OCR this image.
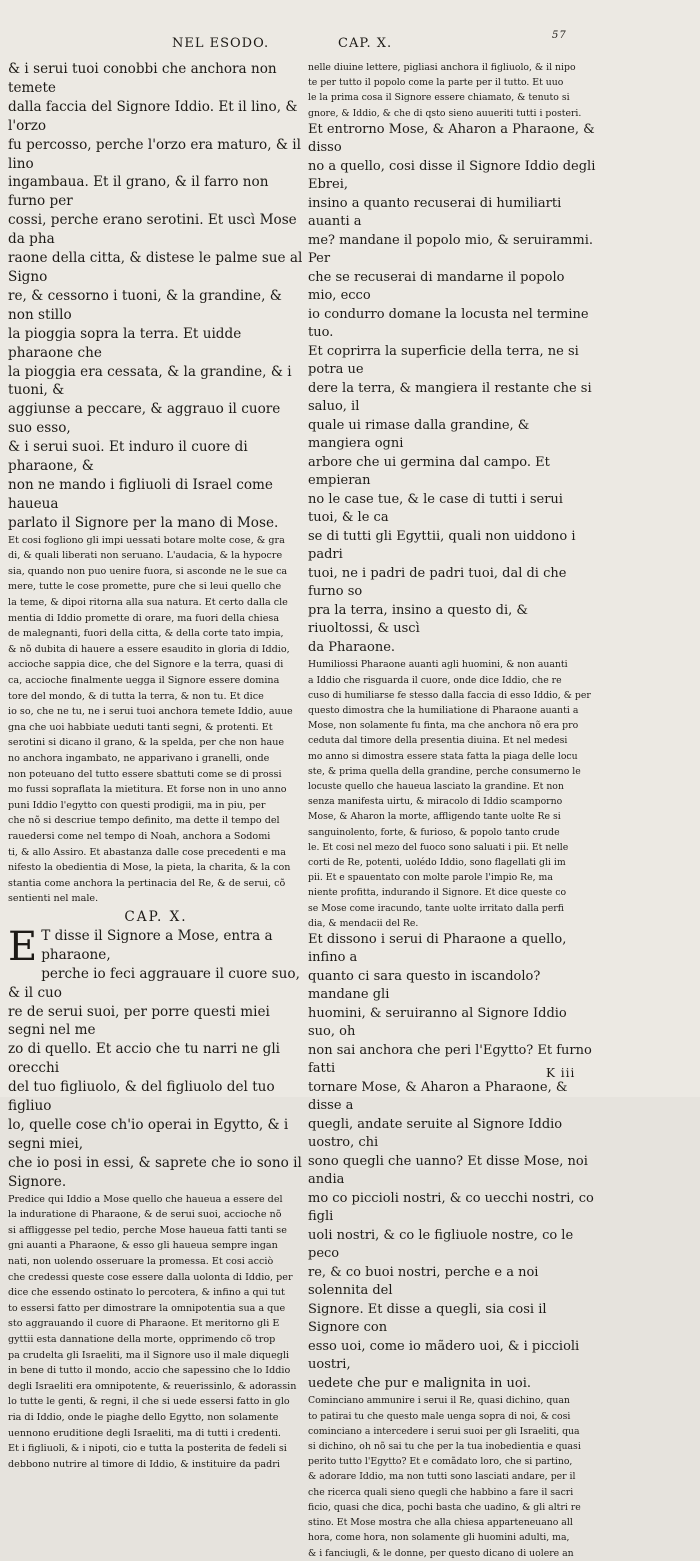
NEL ESODO.	CAP. X.
57

& i serui tuoi conobbi che anchora non temete
dalla faccia del Signore Iddio. Et il lino, & l'orzo
fu percosso, perche l'orzo era maturo, & il lino
ingambaua. Et il grano, & il farro non furno per
cossi, perche erano serotini. Et uscì Mose da pha
raone della citta, & distese le palme sue al Signo
re, & cessorno i tuoni, & la grandine, & non stillo
la pioggia sopra la terra. Et uidde pharaone che
la pioggia era cessata, & la grandine, & i tuoni, &
aggiunse a peccare, & aggrauo il cuore suo esso,
& i serui suoi. Et induro il cuore di pharaone, &
non ne mando i figliuoli di Israel come haueua
parlato il Signore per la mano di Mose.

Et cosi fogliono gli impi uessati botare molte cose, & gra
di, & quali liberati non seruano. L'audacia, & la hypocre
sia, quando non puo uenire fuora, si asconde ne le sue ca
mere, tutte le cose promette, pure che si leui quello che
la teme, & dipoi ritorna alla sua natura. Et certo dalla cle
mentia di Iddio promette di orare, ma fuori della chiesa
de malegnanti, fuori della citta, & della corte tato impia,
& nõ dubita di hauere a essere esaudito in gloria di Iddio,
accioche sappia dice, che del Signore e la terra, quasi di
ca, accioche finalmente uegga il Signore essere domina
tore del mondo, & di tutta la terra, & non tu. Et dice
io so, che ne tu, ne i serui tuoi anchora temete Iddio, auue
gna che uoi habbiate ueduti tanti segni, & protenti. Et
serotini si dicano il grano, & la spelda, per che non haue
no anchora ingambato, ne apparivano i granelli, onde
non poteuano del tutto essere sbattuti come se di prossi
mo fussi sopraflata la mietitura. Et forse non in uno anno
puni Iddio l'egytto con questi prodigii, ma in piu, per
che nõ si descriue tempo definito, ma dette il tempo del
rauedersi come nel tempo di Noah, anchora a Sodomi
ti, & allo Assiro. Et abastanza dalle cose precedenti e ma
nifesto la obedientia di Mose, la pieta, la charita, & la con
stantia come anchora la pertinacia del Re, & de serui, cõ
sentienti nel male.

CAP. X.
E T disse il Signore a Mose, entra a pharaone,
perche io feci aggrauare il cuore suo, & il cuo
re de serui suoi, per porre questi miei segni nel me
zo di quello. Et accio che tu narri ne gli orecchi
del tuo figliuolo, & del figliuolo del tuo figliuo
lo, quelle cose ch'io operai in Egytto, & i segni miei,
che io posi in essi, & saprete che io sono il Signore.

Predice qui Iddio a Mose quello che haueua a essere del
la induratione di Pharaone, & de serui suoi, accioche nõ
si affliggesse pel tedio, perche Mose haueua fatti tanti se
gni auanti a Pharaone, & esso gli haueua sempre ingan
nati, non uolendo osseruare la promessa. Et cosi acciò
che credessi queste cose essere dalla uolonta di Iddio, per
dice che essendo ostinato lo percotera, & infino a qui tut
to essersi fatto per dimostrare la omnipotentia sua a que
sto aggrauando il cuore di Pharaone. Et meritorno gli E
gyttii esta dannatione della morte, opprimendo cõ trop
pa crudelta gli Israeliti, ma il Signore uso il male diquegli
in bene di tutto il mondo, accio che sapessino che lo Iddio
degli Israeliti era omnipotente, & reuerissinlo, & adorassin
lo tutte le genti, & regni, il che si uede essersi fatto in glo
ria di Iddio, onde le piaghe dello Egytto, non solamente
uennono eruditione degli Israeliti, ma di tutti i credenti.
Et i figliuoli, & i nipoti, cio e tutta la posterita de fedeli si
debbono nutrire al timore di Iddio, & instituire da padri

nelle diuine lettere, pigliasi anchora il figliuolo, & il nipo
te per tutto il popolo come la parte per il tutto. Et uuo
le la prima cosa il Signore essere chiamato, & tenuto si
gnore, & Iddio, & che di qsto sieno auueriti tutti i posteri.

Et entrorno Mose, & Aharon a Pharaone, & disso
no a quello, cosi disse il Signore Iddio degli Ebrei,
insino a quanto recuserai di humiliarti auanti a
me? mandane il popolo mio, & seruirammi. Per
che se recuserai di mandarne il popolo mio, ecco
io condurro domane la locusta nel termine tuo.
Et coprirra la superficie della terra, ne si potra ue
dere la terra, & mangiera il restante che si saluo, il
quale ui rimase dalla grandine, & mangiera ogni
arbore che ui germina dal campo. Et empieran
no le case tue, & le case di tutti i serui tuoi, & le ca
se di tutti gli Egyttii, quali non uiddono i padri
tuoi, ne i padri de padri tuoi, dal di che furno so
pra la terra, insino a questo di, & riuoltossi, & uscì
da Pharaone.

Humiliossi Pharaone auanti agli huomini, & non auanti
a Iddio che risguarda il cuore, onde dice Iddio, che re
cuso di humiliarse fe stesso dalla faccia di esso Iddio, & per
questo dimostra che la humiliatione di Pharaone auanti a
Mose, non solamente fu finta, ma che anchora nõ era pro
ceduta dal timore della presentia diuina. Et nel medesi
mo anno si dimostra essere stata fatta la piaga delle locu
ste, & prima quella della grandine, perche consumerno le
locuste quello che haueua lasciato la grandine. Et non
senza manifesta uirtu, & miracolo di Iddio scamporno
Mose, & Aharon la morte, affligendo tante uolte Re si
sanguinolento, forte, & furioso, & popolo tanto crude
le. Et cosi nel mezo del fuoco sono saluati i pii. Et nelle
corti de Re, potenti, uolédo Iddio, sono flagellati gli im
pii. Et e spauentato con molte parole l'impio Re, ma
niente profitta, indurando il Signore. Et dice queste co
se Mose come iracundo, tante uolte irritato dalla perfi
dia, & mendacii del Re.

Et dissono i serui di Pharaone a quello, infino a
quanto ci sara questo in iscandolo? mandane gli
huomini, & seruiranno al Signore Iddio suo, oh
non sai anchora che peri l'Egytto? Et furno fatti
tornare Mose, & Aharon a Pharaone, & disse a
quegli, andate seruite al Signore Iddio uostro, chi
sono quegli che uanno? Et disse Mose, noi andia
mo co piccioli nostri, & co uecchi nostri, co figli
uoli nostri, & co le figliuole nostre, co le peco
re, & co buoi nostri, perche e a noi solennita del
Signore. Et disse a quegli, sia cosi il Signore con
esso uoi, come io mãdero uoi, & i piccioli uostri,
uedete che pur e malignita in uoi.

Cominciano ammunire i serui il Re, quasi dichino, quan
to patirai tu che questo male uenga sopra di noi, & cosi
cominciano a intercedere i serui suoi per gli Israeliti, qua
si dichino, oh nõ sai tu che per la tua inobedientia e quasi
perito tutto l'Egytto? Et e comãdato loro, che si partino,
& adorare Iddio, ma non tutti sono lasciati andare, per il
che ricerca quali sieno quegli che habbino a fare il sacri
ficio, quasi che dica, pochi basta che uadino, & gli altri re
stino. Et Mose mostra che alla chiesa apparteneuano all
hora, come hora, non solamente gli huomini adulti, ma,
& i fanciugli, & le donne, per questo dicano di uolere an

K iii
